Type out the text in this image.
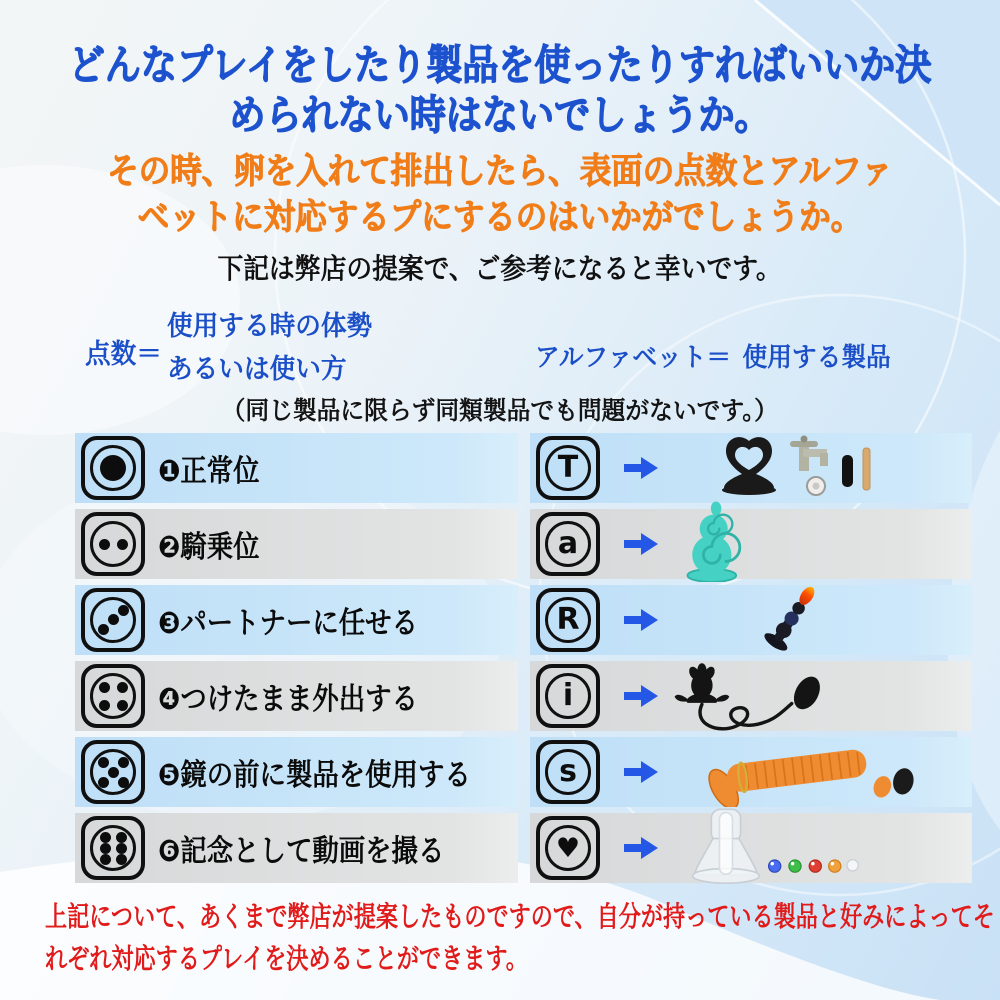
どんなプレイをしたり製品を使ったりすればいいか決
められない時はないでしょうか。
その時、卵を入れて排出したら、表面の点数とアルファ
ベットに対応するプにするのはいかがでしょうか。
下記は弊店の提案で、ご参考になると幸いです。
点数＝
使用する時の体勢
あるいは使い方	アルファベット＝ 使用する製品
（同じ製品に限らず同類製品でも問題がないです。）
❶正常位	T
❷騎乗位	a
❸パートナーに任せる	R
❹つけたまま外出する	i
❺鏡の前に製品を使用する	s
❻記念として動画を撮る	♥
上記について、あくまで弊店が提案したものですので、自分が持っている製品と好みによってそ
れぞれ対応するプレイを決めることができます。
